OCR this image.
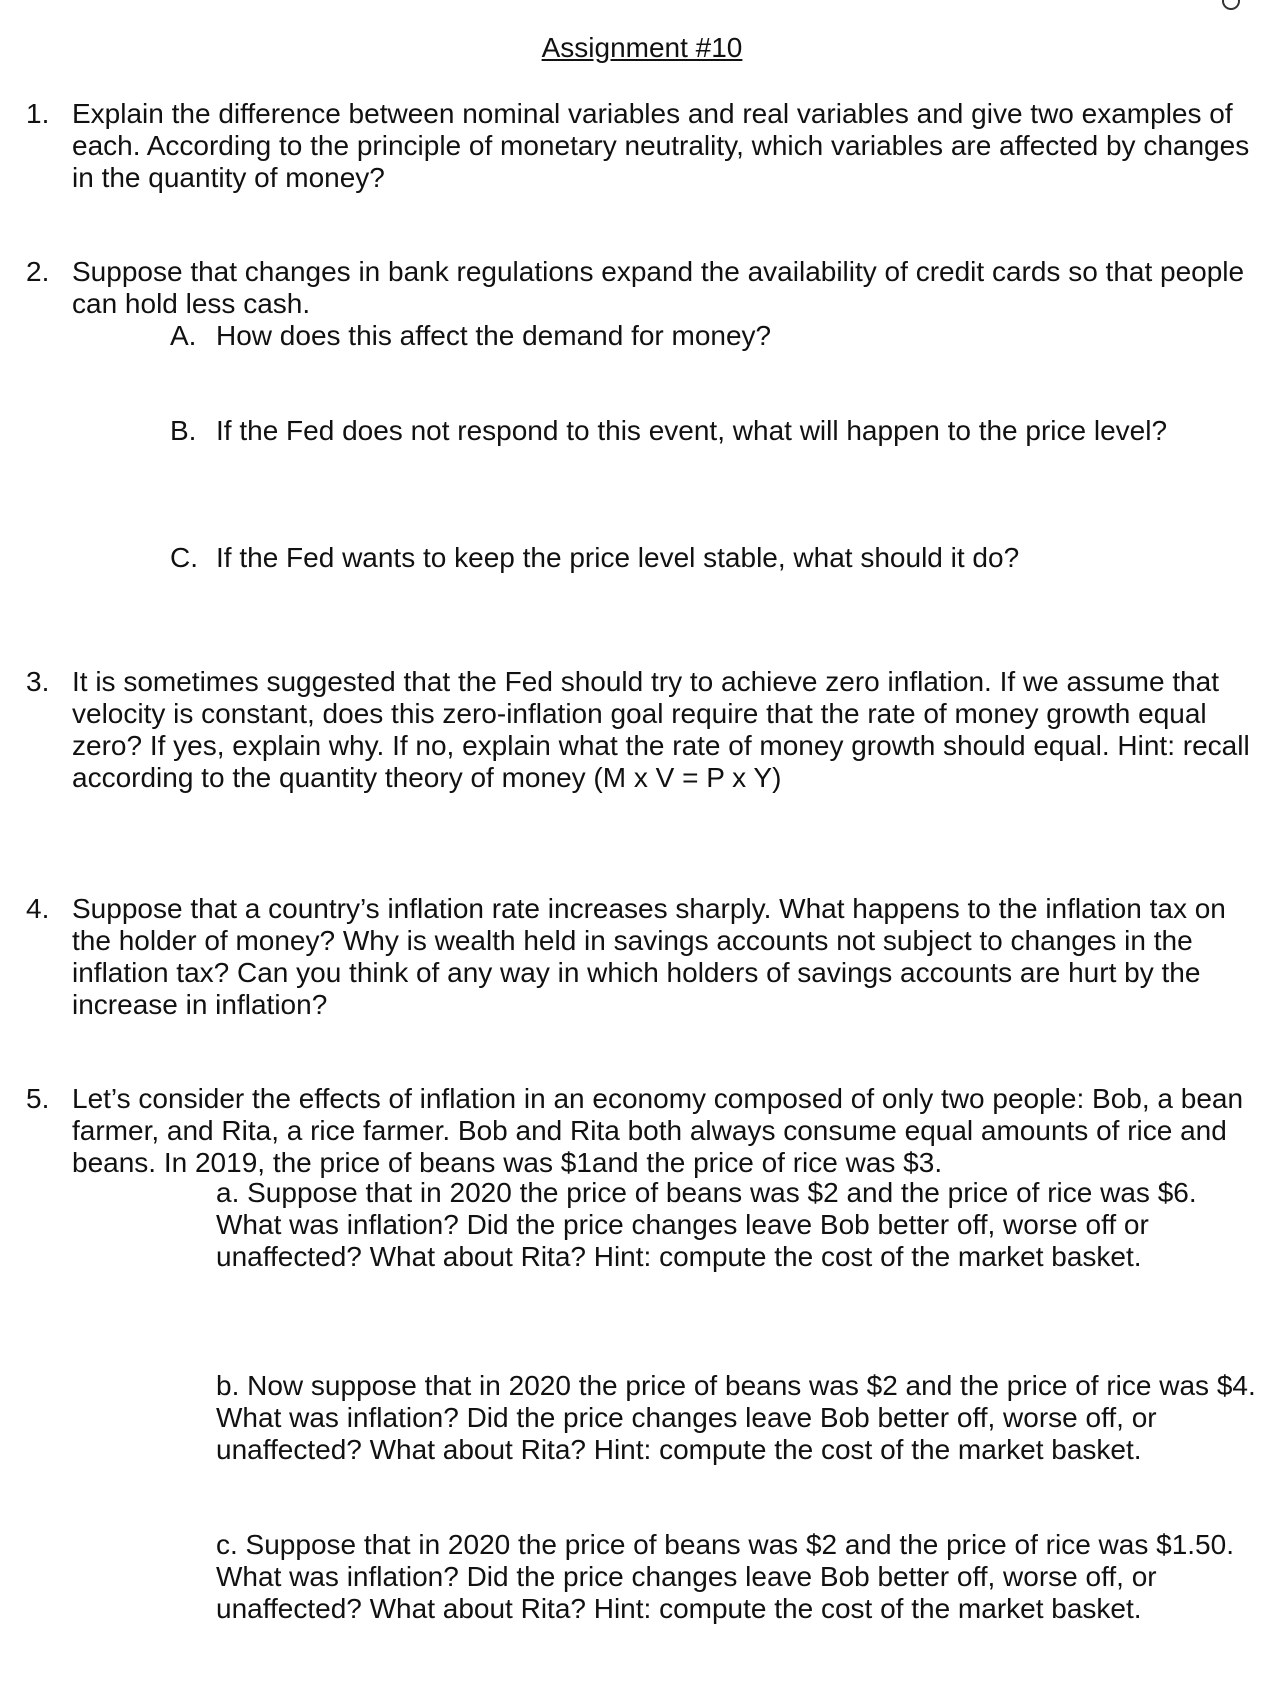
Assignment #10
1. Explain the difference between nominal variables and real variables and give two examples of each. According to the principle of monetary neutrality, which variables are affected by changes in the quantity of money?
2. Suppose that changes in bank regulations expand the availability of credit cards so that people can hold less cash.
A. How does this affect the demand for money?
B. If the Fed does not respond to this event, what will happen to the price level?
C. If the Fed wants to keep the price level stable, what should it do?
3. It is sometimes suggested that the Fed should try to achieve zero inflation. If we assume that velocity is constant, does this zero-inflation goal require that the rate of money growth equal zero? If yes, explain why. If no, explain what the rate of money growth should equal. Hint: recall according to the quantity theory of money (M x V = P x Y)
4. Suppose that a country’s inflation rate increases sharply. What happens to the inflation tax on the holder of money? Why is wealth held in savings accounts not subject to changes in the inflation tax? Can you think of any way in which holders of savings accounts are hurt by the increase in inflation?
5. Let’s consider the effects of inflation in an economy composed of only two people: Bob, a bean farmer, and Rita, a rice farmer. Bob and Rita both always consume equal amounts of rice and beans. In 2019, the price of beans was $1and the price of rice was $3.
a. Suppose that in 2020 the price of beans was $2 and the price of rice was $6. What was inflation? Did the price changes leave Bob better off, worse off or unaffected? What about Rita? Hint: compute the cost of the market basket.
b. Now suppose that in 2020 the price of beans was $2 and the price of rice was $4. What was inflation? Did the price changes leave Bob better off, worse off, or unaffected? What about Rita? Hint: compute the cost of the market basket.
c. Suppose that in 2020 the price of beans was $2 and the price of rice was $1.50. What was inflation? Did the price changes leave Bob better off, worse off, or unaffected? What about Rita? Hint: compute the cost of the market basket.
